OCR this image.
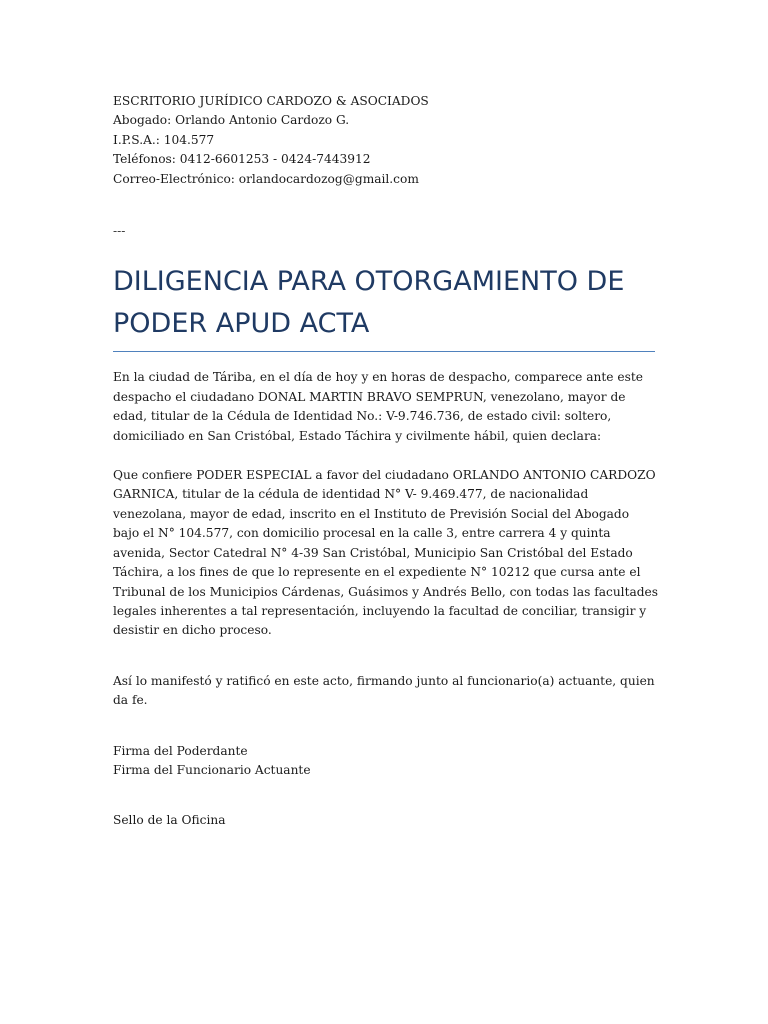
ESCRITORIO JURÍDICO CARDOZO & ASOCIADOS
Abogado: Orlando Antonio Cardozo G.
I.P.S.A.: 104.577
Teléfonos: 0412-6601253 - 0424-7443912
Correo-Electrónico: orlandocardozog@gmail.com
---
DILIGENCIA PARA OTORGAMIENTO DE PODER APUD ACTA

En la ciudad de Táriba, en el día de hoy y en horas de despacho, comparece ante este despacho el ciudadano DONAL MARTIN BRAVO SEMPRUN, venezolano, mayor de edad, titular de la Cédula de Identidad No.: V-9.746.736, de estado civil: soltero, domiciliado en San Cristóbal, Estado Táchira y civilmente hábil, quien declara:

Que confiere PODER ESPECIAL a favor del ciudadano ORLANDO ANTONIO CARDOZO GARNICA, titular de la cédula de identidad N° V- 9.469.477, de nacionalidad venezolana, mayor de edad, inscrito en el Instituto de Previsión Social del Abogado bajo el N° 104.577, con domicilio procesal en la calle 3, entre carrera 4 y quinta avenida, Sector Catedral N° 4-39 San Cristóbal, Municipio San Cristóbal del Estado Táchira, a los fines de que lo represente en el expediente N° 10212 que cursa ante el Tribunal de los Municipios Cárdenas, Guásimos y Andrés Bello, con todas las facultades legales inherentes a tal representación, incluyendo la facultad de conciliar, transigir y desistir en dicho proceso.

Así lo manifestó y ratificó en este acto, firmando junto al funcionario(a) actuante, quien da fe.

Firma del Poderdante
Firma del Funcionario Actuante
Sello de la Oficina
